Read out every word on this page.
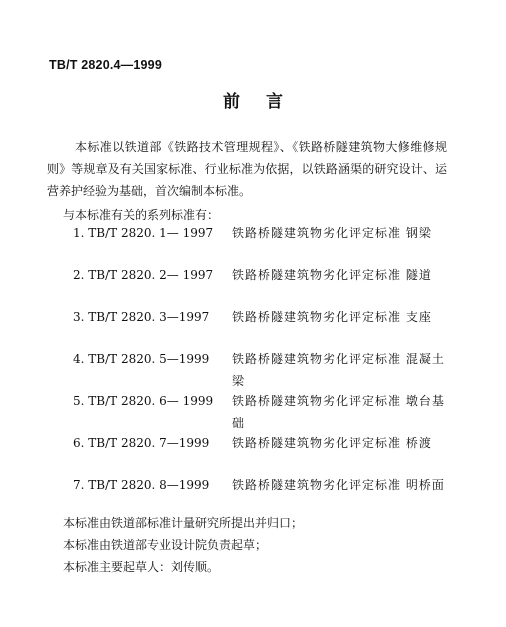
TB/T 2820.4—1999
前 言

本标准以铁道部《铁路技术管理规程》、《铁路桥隧建筑物大修维修规则》等规章及有关国家标准、行业标准为依据，以铁路涵渠的研究设计、运营养护经验为基础，首次编制本标准。

与本标准有关的系列标准有：
1. TB/T 2820. 1— 1997 铁路桥隧建筑物劣化评定标准 钢梁
2. TB/T 2820. 2— 1997 铁路桥隧建筑物劣化评定标准 隧道
3. TB/T 2820. 3—1997 铁路桥隧建筑物劣化评定标准 支座
4. TB/T 2820. 5—1999 铁路桥隧建筑物劣化评定标准 混凝土梁
5. TB/T 2820. 6— 1999 铁路桥隧建筑物劣化评定标准 墩台基础
6. TB/T 2820. 7—1999 铁路桥隧建筑物劣化评定标准 桥渡
7. TB/T 2820. 8—1999 铁路桥隧建筑物劣化评定标准 明桥面

本标准由铁道部标准计量研究所提出并归口；

本标准由铁道部专业设计院负责起草；

本标准主要起草人：刘传顺。
